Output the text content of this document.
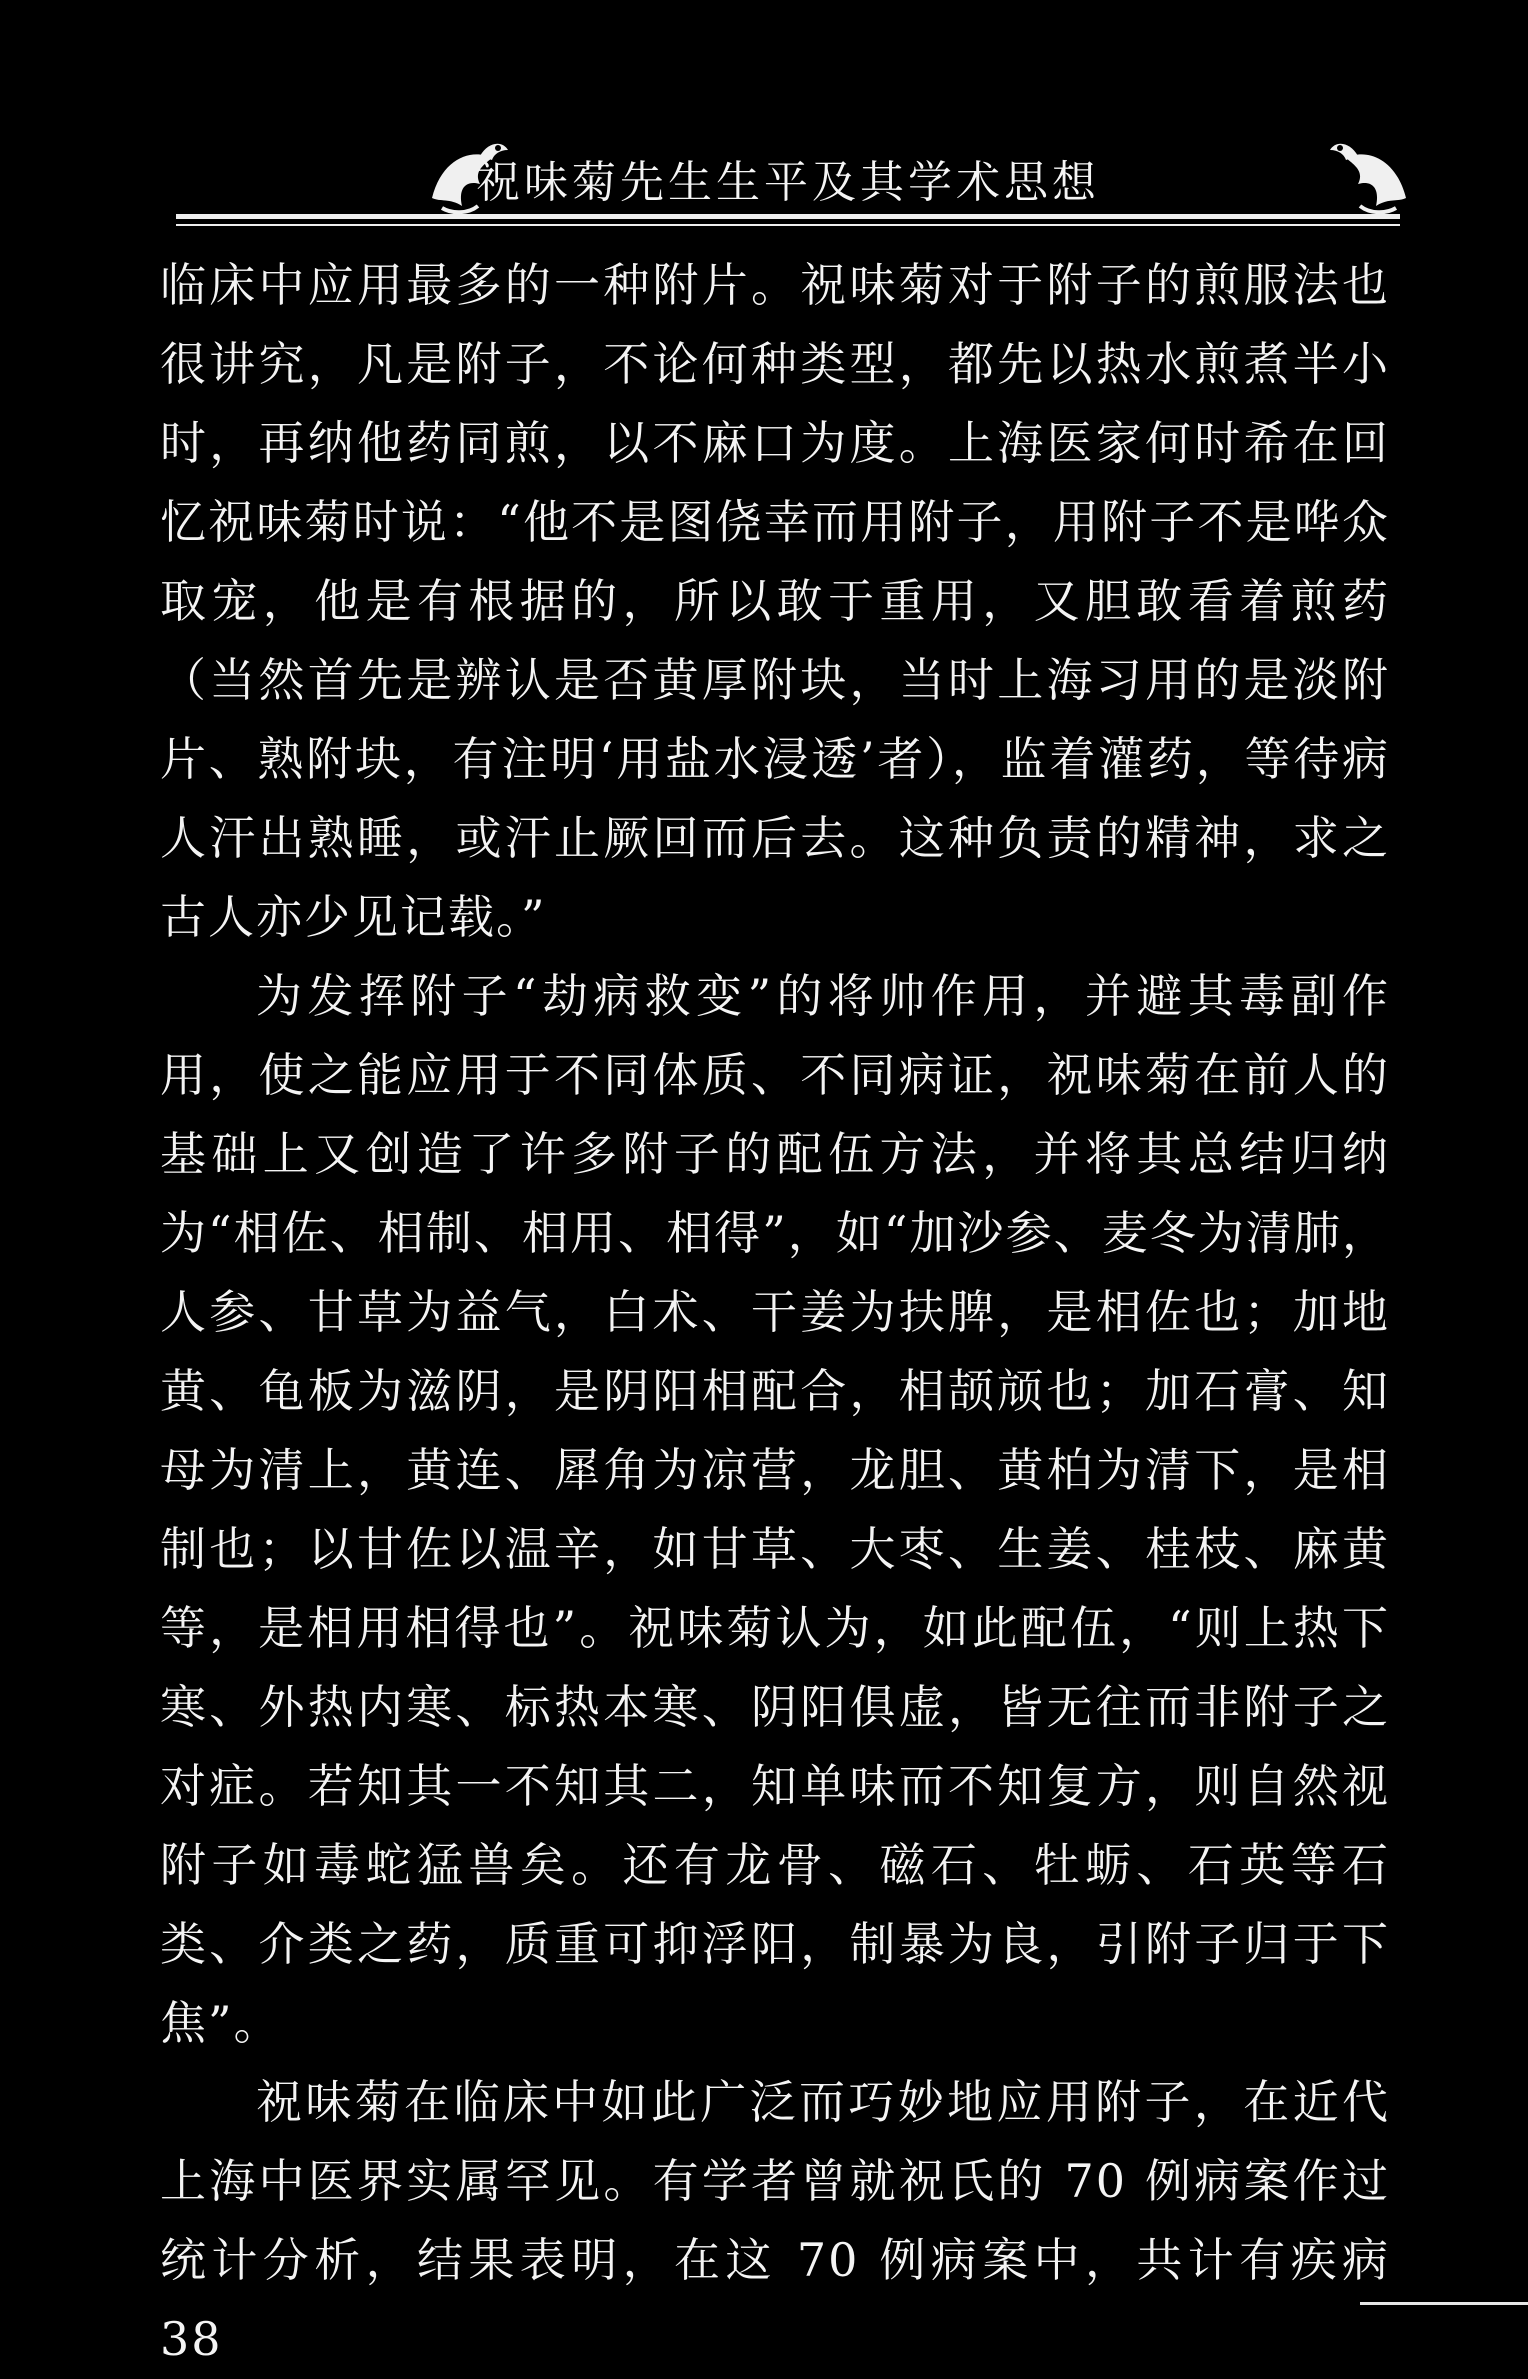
祝味菊先生生平及其学术思想

临床中应用最多的一种附片。祝味菊对于附子的煎服法也很讲究，凡是附子，不论何种类型，都先以热水煎煮半小时，再纳他药同煎，以不麻口为度。上海医家何时希在回忆祝味菊时说：“他不是图侥幸而用附子，用附子不是哗众取宠，他是有根据的，所以敢于重用，又胆敢看着煎药（当然首先是辨认是否黄厚附块，当时上海习用的是淡附片、熟附块，有注明‘用盐水浸透’者），监着灌药，等待病人汗出熟睡，或汗止厥回而后去。这种负责的精神，求之古人亦少见记载。”

为发挥附子“劫病救变”的将帅作用，并避其毒副作用，使之能应用于不同体质、不同病证，祝味菊在前人的基础上又创造了许多附子的配伍方法，并将其总结归纳为“相佐、相制、相用、相得”，如“加沙参、麦冬为清肺，人参、甘草为益气，白术、干姜为扶脾，是相佐也；加地黄、龟板为滋阴，是阴阳相配合，相颉颃也；加石膏、知母为清上，黄连、犀角为凉营，龙胆、黄柏为清下，是相制也；以甘佐以温辛，如甘草、大枣、生姜、桂枝、麻黄等，是相用相得也”。祝味菊认为，如此配伍，“则上热下寒、外热内寒、标热本寒、阴阳俱虚，皆无往而非附子之对症。若知其一不知其二，知单味而不知复方，则自然视附子如毒蛇猛兽矣。还有龙骨、磁石、牡蛎、石英等石类、介类之药，质重可抑浮阳，制暴为良，引附子归于下焦”。

祝味菊在临床中如此广泛而巧妙地应用附子，在近代上海中医界实属罕见。有学者曾就祝氏的 70 例病案作过统计分析，结果表明，在这 70 例病案中，共计有疾病 38
